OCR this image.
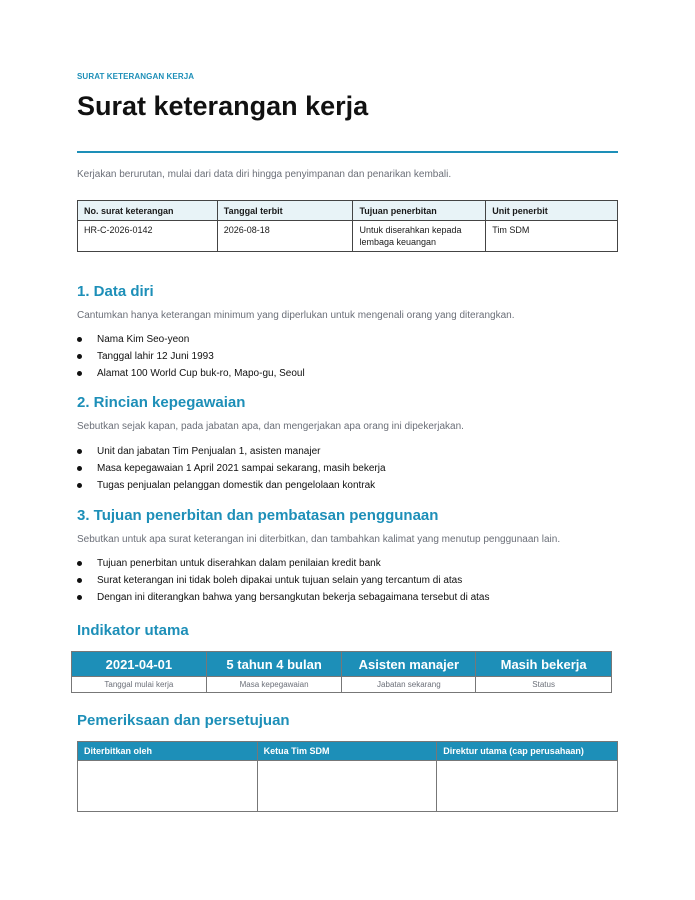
SURAT KETERANGAN KERJA
Surat keterangan kerja
Kerjakan berurutan, mulai dari data diri hingga penyimpanan dan penarikan kembali.
No. surat keterangan	Tanggal terbit	Tujuan penerbitan	Unit penerbit
HR-C-2026-0142	2026-08-18	Untuk diserahkan kepada lembaga keuangan	Tim SDM
1. Data diri
Cantumkan hanya keterangan minimum yang diperlukan untuk mengenali orang yang diterangkan.
Nama Kim Seo-yeon
Tanggal lahir 12 Juni 1993
Alamat 100 World Cup buk-ro, Mapo-gu, Seoul
2. Rincian kepegawaian
Sebutkan sejak kapan, pada jabatan apa, dan mengerjakan apa orang ini dipekerjakan.
Unit dan jabatan Tim Penjualan 1, asisten manajer
Masa kepegawaian 1 April 2021 sampai sekarang, masih bekerja
Tugas penjualan pelanggan domestik dan pengelolaan kontrak
3. Tujuan penerbitan dan pembatasan penggunaan
Sebutkan untuk apa surat keterangan ini diterbitkan, dan tambahkan kalimat yang menutup penggunaan lain.
Tujuan penerbitan untuk diserahkan dalam penilaian kredit bank
Surat keterangan ini tidak boleh dipakai untuk tujuan selain yang tercantum di atas
Dengan ini diterangkan bahwa yang bersangkutan bekerja sebagaimana tersebut di atas
Indikator utama
2021-04-01	5 tahun 4 bulan	Asisten manajer	Masih bekerja
Tanggal mulai kerja	Masa kepegawaian	Jabatan sekarang	Status
Pemeriksaan dan persetujuan
Diterbitkan oleh	Ketua Tim SDM	Direktur utama (cap perusahaan)
